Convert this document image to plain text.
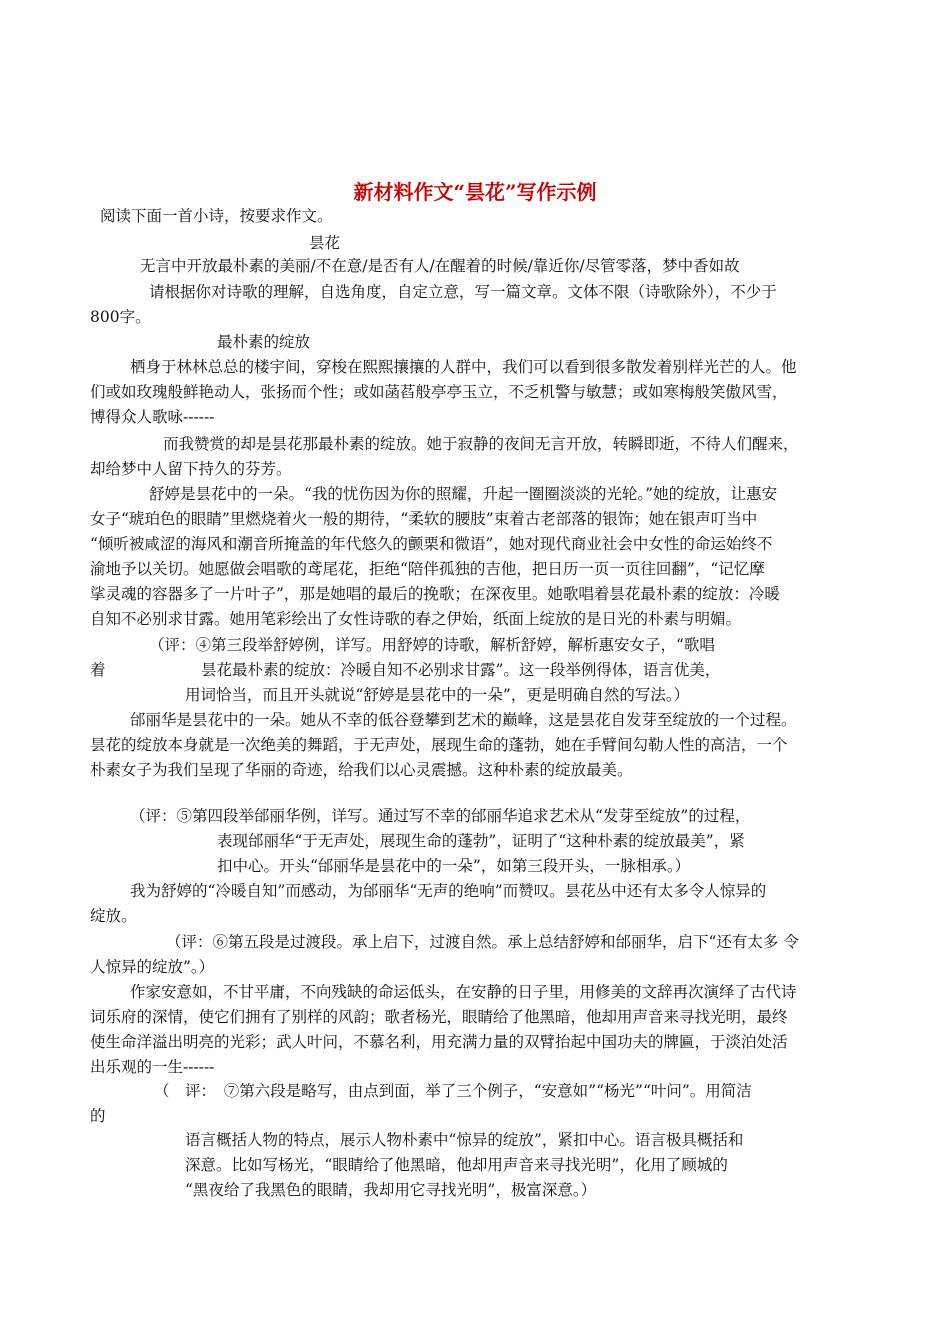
新材料作文“昙花”写作示例
阅读下面一首小诗，按要求作文。
昙花
无言中开放最朴素的美丽/不在意/是否有人/在醒着的时候/靠近你/尽管零落，梦中香如故
请根据你对诗歌的理解，自选角度，自定立意，写一篇文章。文体不限（诗歌除外），不少于
800字。
最朴素的绽放
栖身于林林总总的楼宇间，穿梭在熙熙攘攘的人群中，我们可以看到很多散发着别样光芒的人。他
们或如玫瑰般鲜艳动人，张扬而个性；或如菡萏般亭亭玉立，不乏机警与敏慧；或如寒梅般笑傲风雪，
博得众人歌咏------
而我赞赏的却是昙花那最朴素的绽放。她于寂静的夜间无言开放，转瞬即逝，不待人们醒来，
却给梦中人留下持久的芬芳。
舒婷是昙花中的一朵。“我的忧伤因为你的照耀，升起一圈圈淡淡的光轮。”她的绽放，让惠安
女子“琥珀色的眼睛”里燃烧着火一般的期待，“柔软的腰肢”束着古老部落的银饰；她在银声叮当中
“倾听被咸涩的海风和潮音所掩盖的年代悠久的颤栗和微语”，她对现代商业社会中女性的命运始终不
渝地予以关切。她愿做会唱歌的鸢尾花，拒绝“陪伴孤独的吉他，把日历一页一页往回翻”，“记忆摩
挲灵魂的容器多了一片叶子”，那是她唱的最后的挽歌；在深夜里。她歌唱着昙花最朴素的绽放：冷暖
自知不必别求甘露。她用笔彩绘出了女性诗歌的春之伊始，纸面上绽放的是日光的朴素与明媚。
（评：④第三段举舒婷例，详写。用舒婷的诗歌，解析舒婷，解析惠安女子，“歌唱
着	昙花最朴素的绽放：冷暖自知不必别求甘露”。这一段举例得体，语言优美，
用词恰当，而且开头就说“舒婷是昙花中的一朵”，更是明确自然的写法。）
邰丽华是昙花中的一朵。她从不幸的低谷登攀到艺术的巅峰，这是昙花自发芽至绽放的一个过程。
昙花的绽放本身就是一次绝美的舞蹈，于无声处，展现生命的蓬勃，她在手臂间勾勒人性的高洁，一个
朴素女子为我们呈现了华丽的奇迹，给我们以心灵震撼。这种朴素的绽放最美。
（评：⑤第四段举邰丽华例，详写。通过写不幸的邰丽华追求艺术从“发芽至绽放”的过程，
表现邰丽华“于无声处，展现生命的蓬勃”，证明了“这种朴素的绽放最美”，紧
扣中心。开头“邰丽华是昙花中的一朵”，如第三段开头，一脉相承。）
我为舒婷的“冷暖自知”而感动，为邰丽华“无声的绝响”而赞叹。昙花丛中还有太多令人惊异的
绽放。
（评：⑥第五段是过渡段。承上启下，过渡自然。承上总结舒婷和邰丽华，启下“还有太多 令
人惊异的绽放”。）
作家安意如，不甘平庸，不向残缺的命运低头，在安静的日子里，用修美的文辞再次演绎了古代诗
词乐府的深情，使它们拥有了别样的风韵；歌者杨光，眼睛给了他黑暗，他却用声音来寻找光明，最终
使生命洋溢出明亮的光彩；武人叶问，不慕名利，用充满力量的双臂抬起中国功夫的牌匾，于淡泊处活
出乐观的一生------
（　评：　⑦第六段是略写，由点到面，举了三个例子，“安意如”“杨光”“叶问”。用简洁
的
语言概括人物的特点，展示人物朴素中“惊异的绽放”，紧扣中心。语言极具概括和
深意。比如写杨光，“眼睛给了他黑暗，他却用声音来寻找光明”，化用了顾城的
“黑夜给了我黑色的眼睛，我却用它寻找光明”，极富深意。）
